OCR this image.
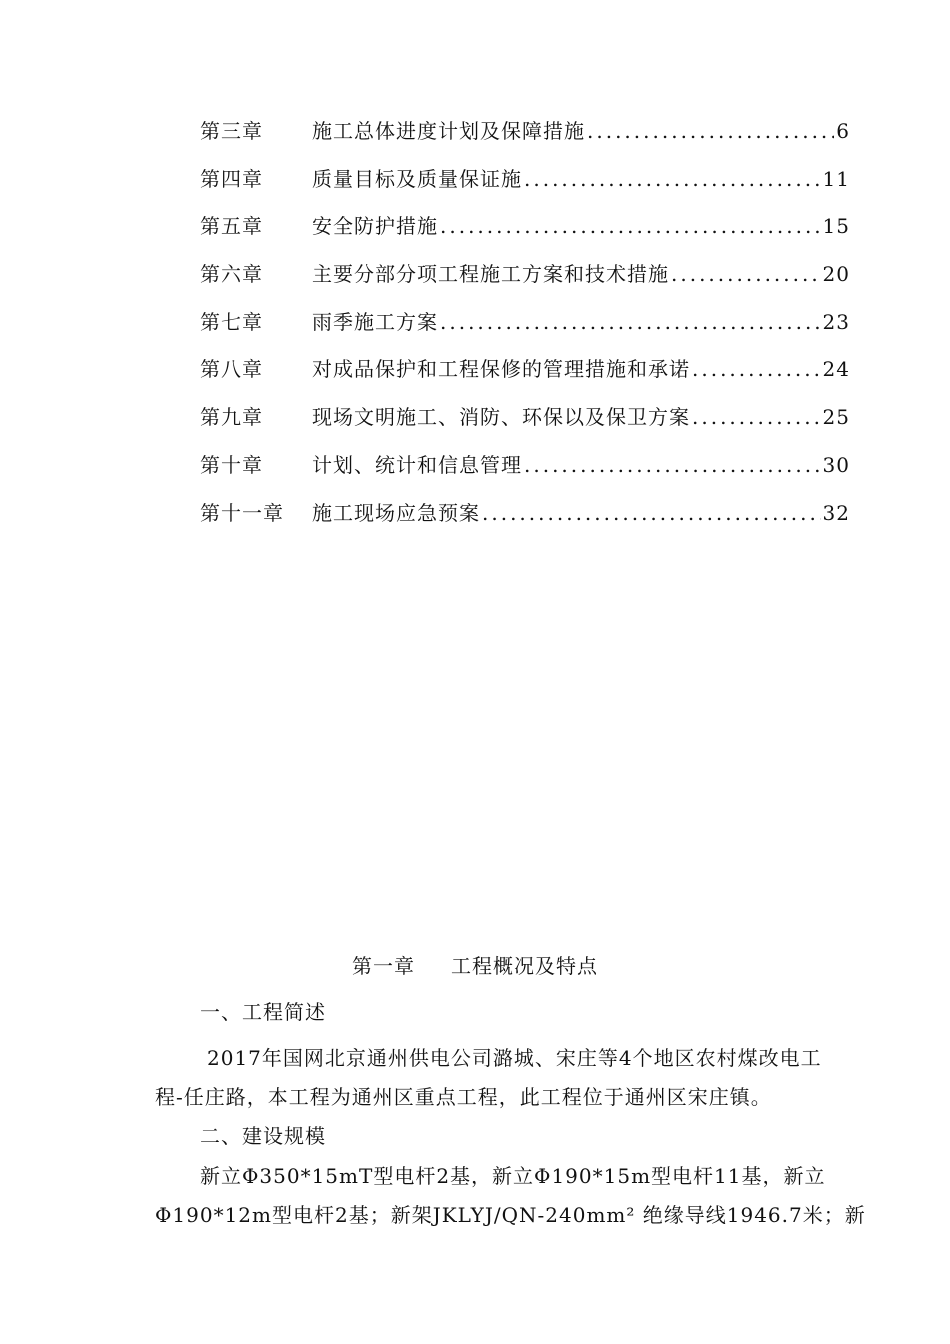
第三章	施工总体进度计划及保障措施 .....	6
第四章	质量目标及质量保证施 .....	11
第五章	安全防护措施 .....	15
第六章	主要分部分项工程施工方案和技术措施 .....	20
第七章	雨季施工方案 .....	23
第八章	对成品保护和工程保修的管理措施和承诺 .....	24
第九章	现场文明施工、消防、环保以及保卫方案 .....	25
第十章	计划、统计和信息管理 .....	30
第十一章	施工现场应急预案 .....	32
第一章 工程概况及特点
一、工程简述
2017年国网北京通州供电公司潞城、宋庄等4个地区农村煤改电工
程-任庄路，本工程为通州区重点工程，此工程位于通州区宋庄镇。
二、建设规模
新立Φ350*15mT型电杆2基，新立Φ190*15m型电杆11基，新立
Φ190*12m型电杆2基；新架JKLYJ/QN-240mm² 绝缘导线1946.7米；新
